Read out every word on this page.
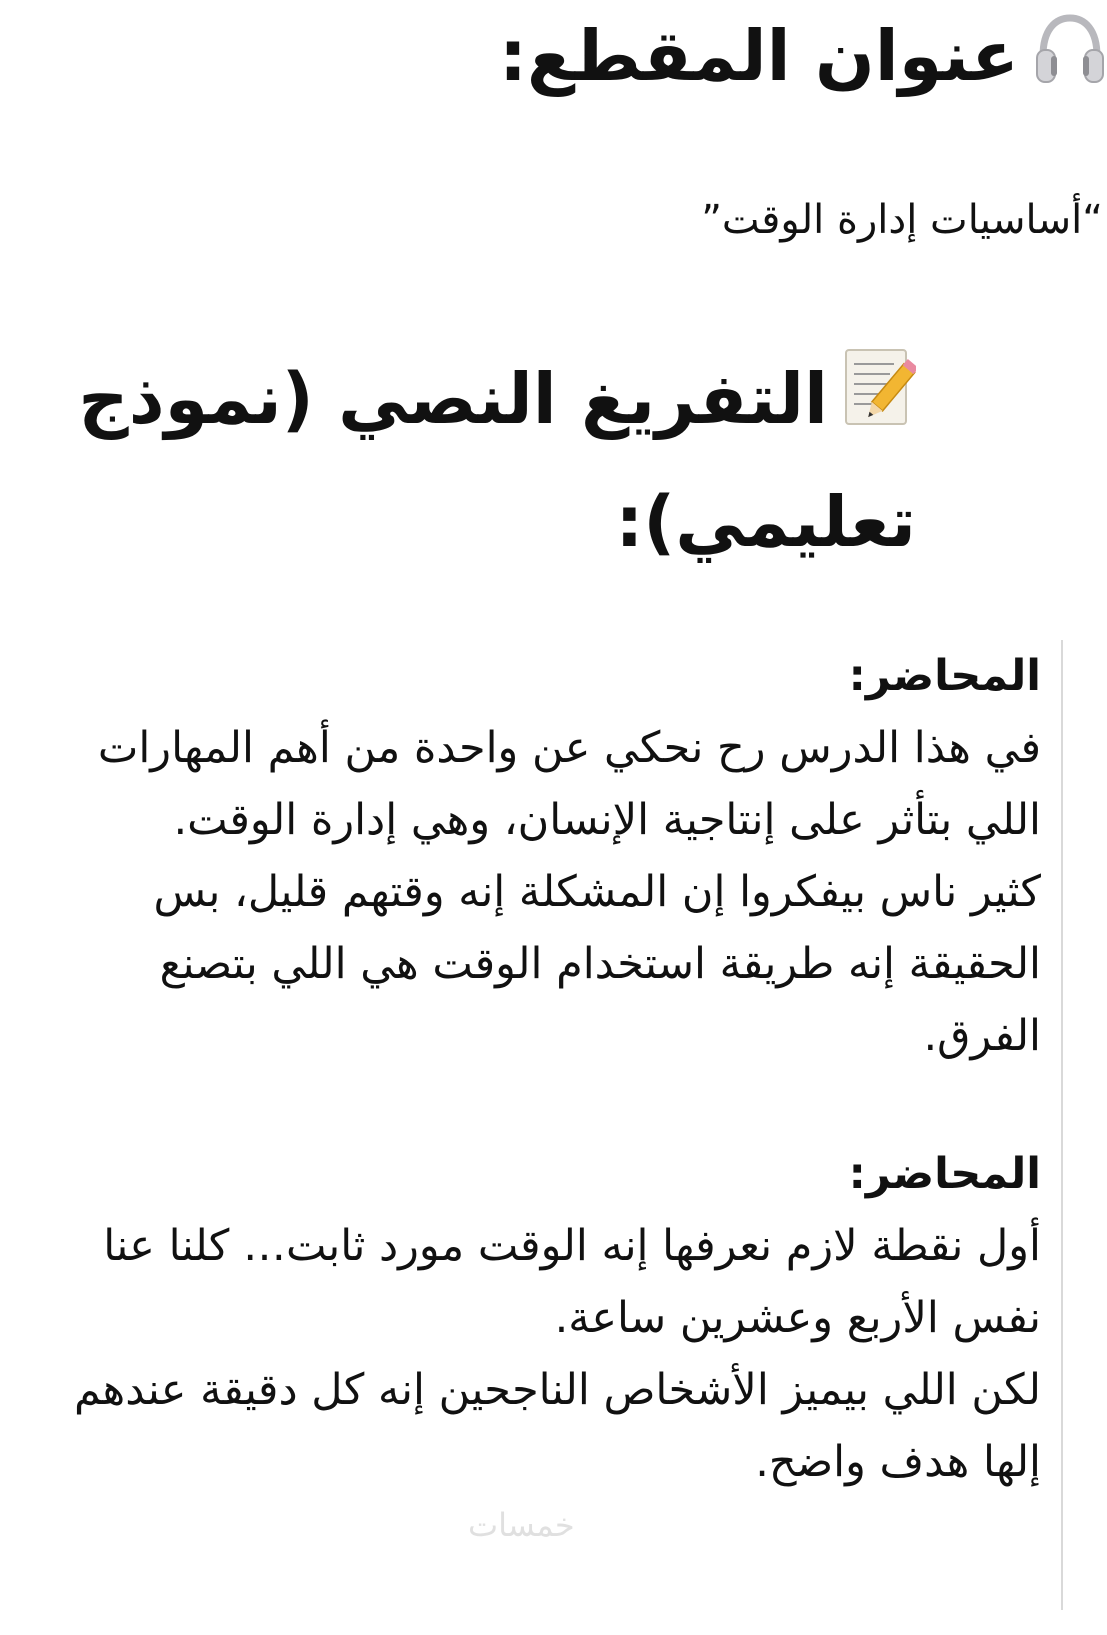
عنوان المقطع:

“أساسيات إدارة الوقت”

التفريغ النصي (نموذج تعليمي):

المحاضر:

في هذا الدرس رح نحكي عن واحدة من أهم المهارات اللي بتأثر على إنتاجية الإنسان، وهي إدارة الوقت.

كثير ناس بيفكروا إن المشكلة إنه وقتهم قليل، بس الحقيقة إنه طريقة استخدام الوقت هي اللي بتصنع الفرق.

المحاضر:

أول نقطة لازم نعرفها إنه الوقت مورد ثابت… كلنا عنا نفس الأربع وعشرين ساعة.

لكن اللي بيميز الأشخاص الناجحين إنه كل دقيقة عندهم إلها هدف واضح.

خمسات
